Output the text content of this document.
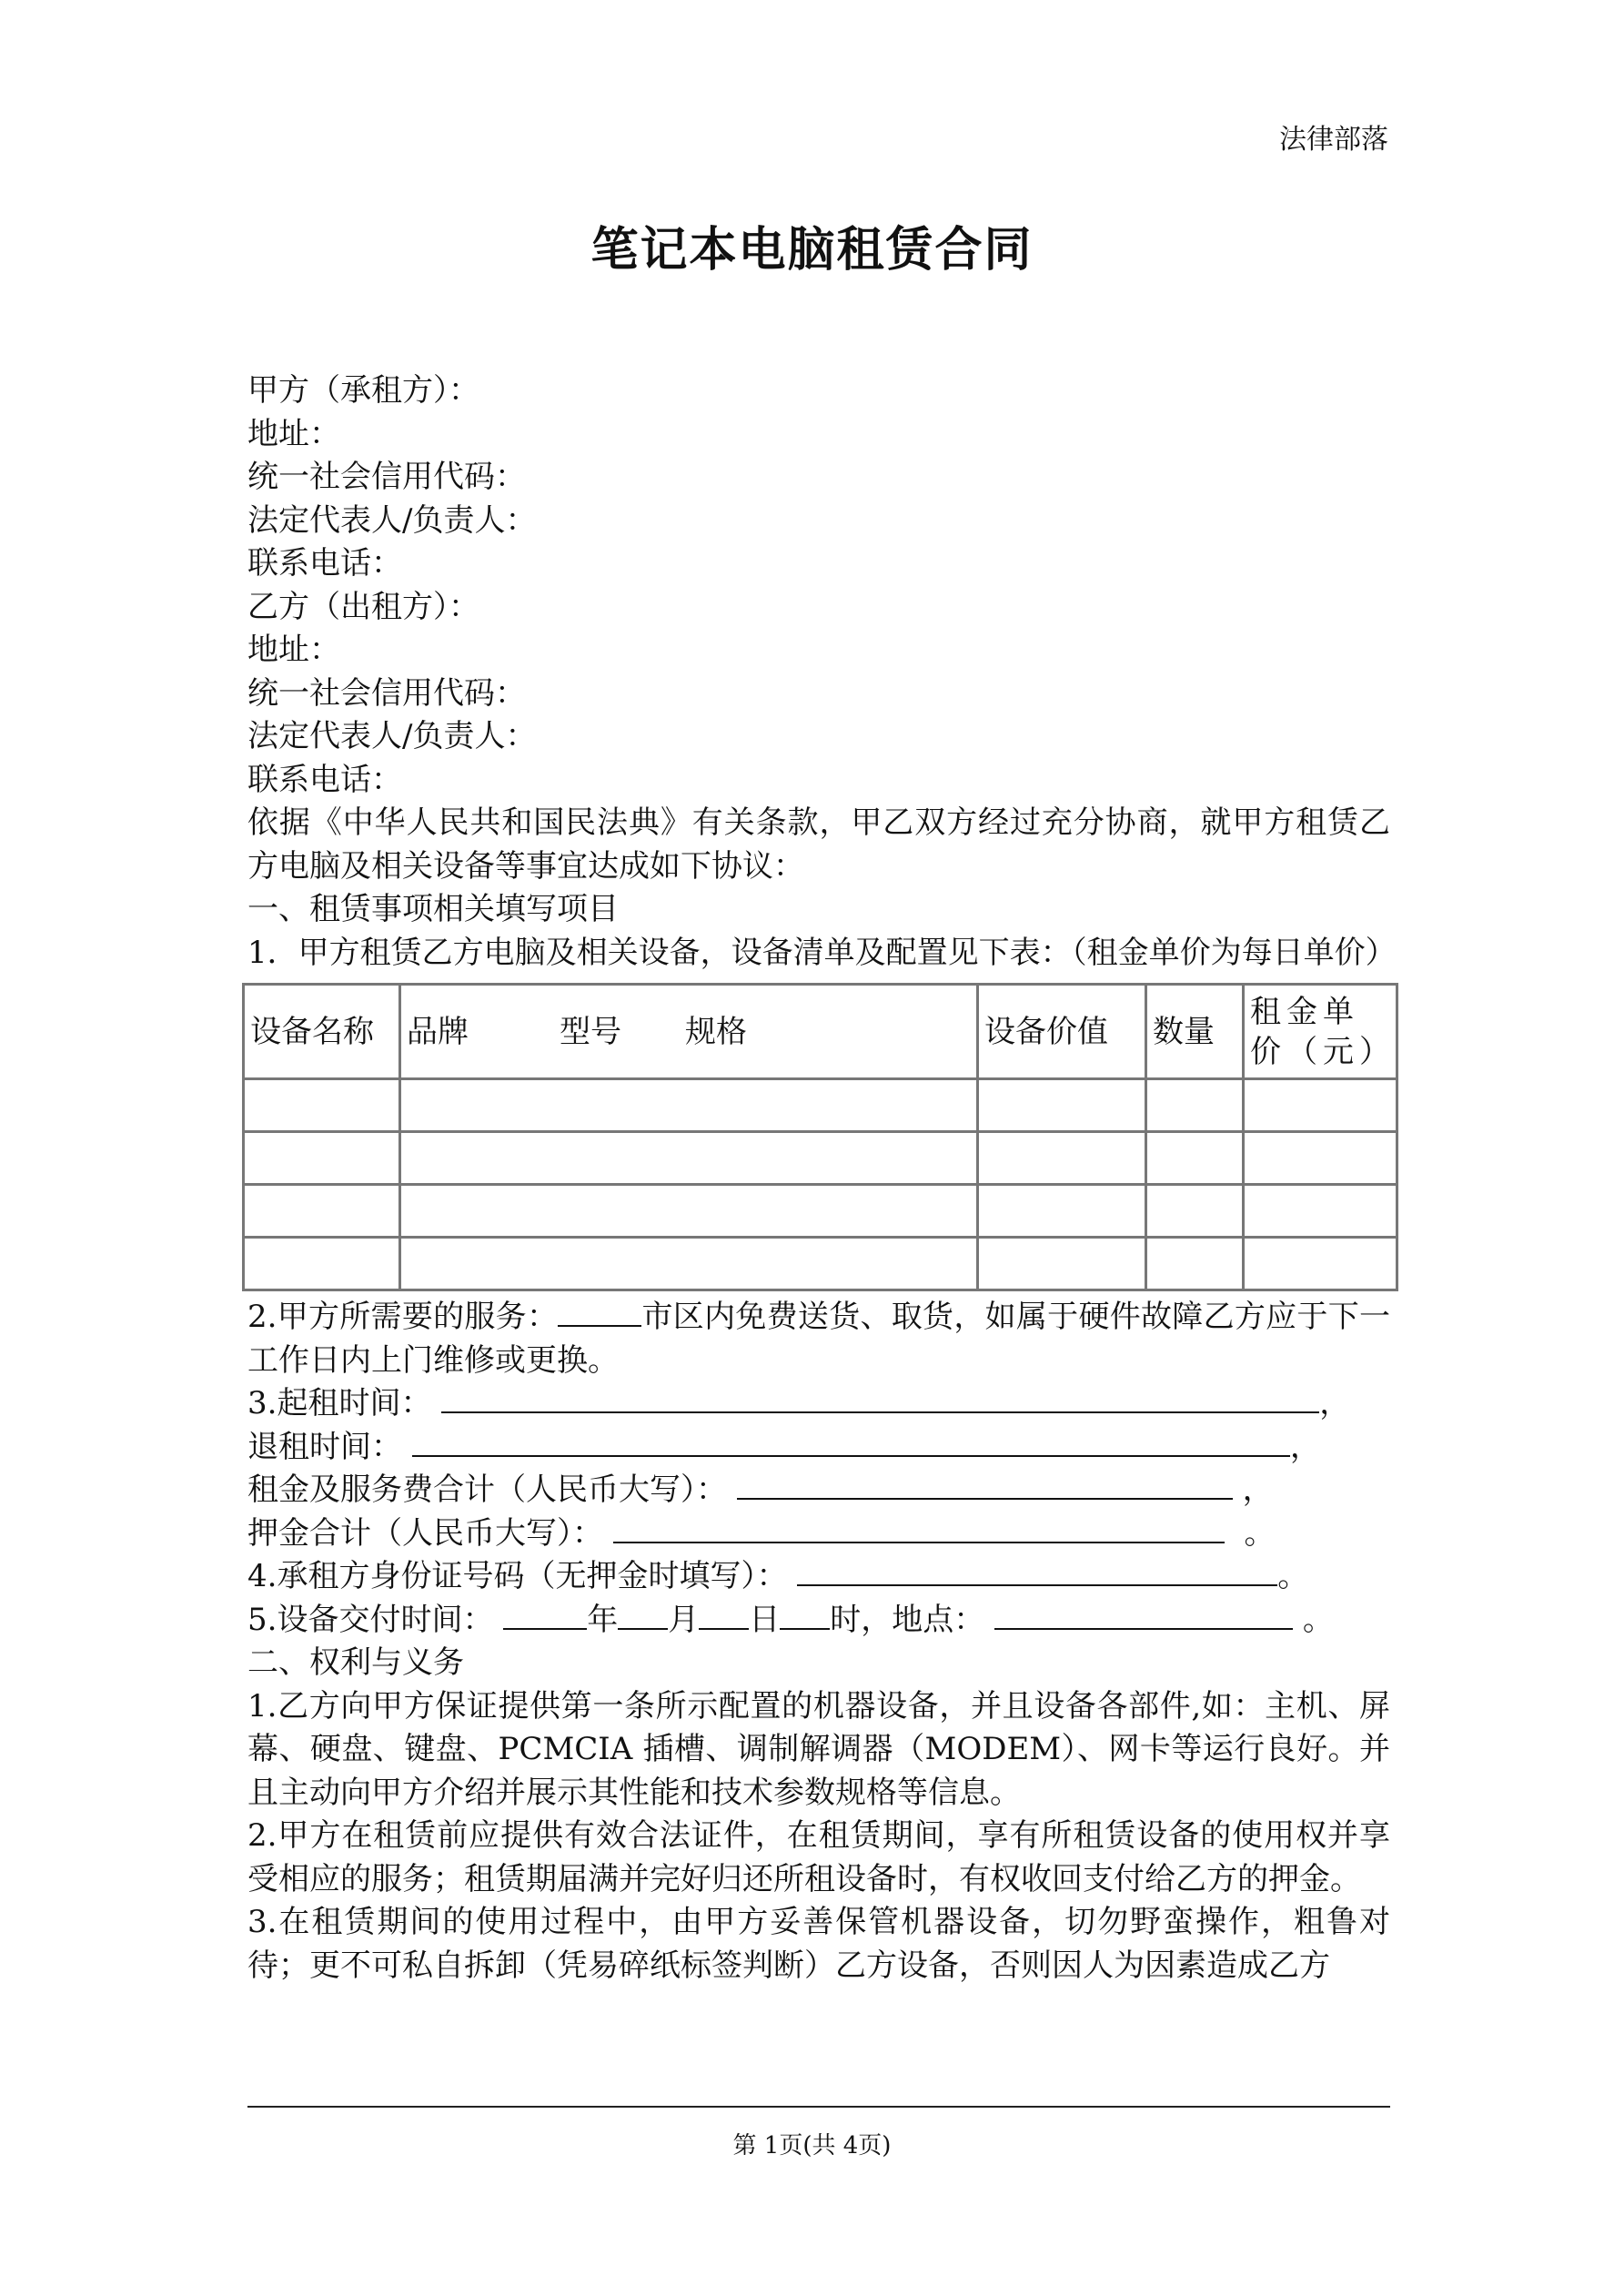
法律部落
笔记本电脑租赁合同
甲方（承租方）：
地址：
统一社会信用代码：
法定代表人/负责人：
联系电话：
乙方（出租方）：
地址：
统一社会信用代码：
法定代表人/负责人：
联系电话：
依据《中华人民共和国民法典》有关条款，甲乙双方经过充分协商，就甲方租赁乙方电脑及相关设备等事宜达成如下协议：
一、租赁事项相关填写项目
1．甲方租赁乙方电脑及相关设备，设备清单及配置见下表：（租金单价为每日单价）
设备名称	品牌 型号 规格	设备价值	数量	租金单价（元）

2.甲方所需要的服务：	市区内免费送货、取货，如属于硬件故障乙方应于下一工作日内上门维修或更换。
3.起租时间：	，
退租时间：	，
租金及服务费合计（人民币大写）：	，
押金合计（人民币大写）：	。
4.承租方身份证号码（无押金时填写）：	。
5.设备交付时间：	年 月 日 时，地点：	。
二、权利与义务
1.乙方向甲方保证提供第一条所示配置的机器设备，并且设备各部件,如：主机、屏幕、硬盘、键盘、PCMCIA 插槽、调制解调器（MODEM）、网卡等运行良好。并且主动向甲方介绍并展示其性能和技术参数规格等信息。
2.甲方在租赁前应提供有效合法证件，在租赁期间，享有所租赁设备的使用权并享受相应的服务；租赁期届满并完好归还所租设备时，有权收回支付给乙方的押金。
3.在租赁期间的使用过程中，由甲方妥善保管机器设备，切勿野蛮操作，粗鲁对待；更不可私自拆卸（凭易碎纸标签判断）乙方设备，否则因人为因素造成乙方
第 1页(共 4页)
